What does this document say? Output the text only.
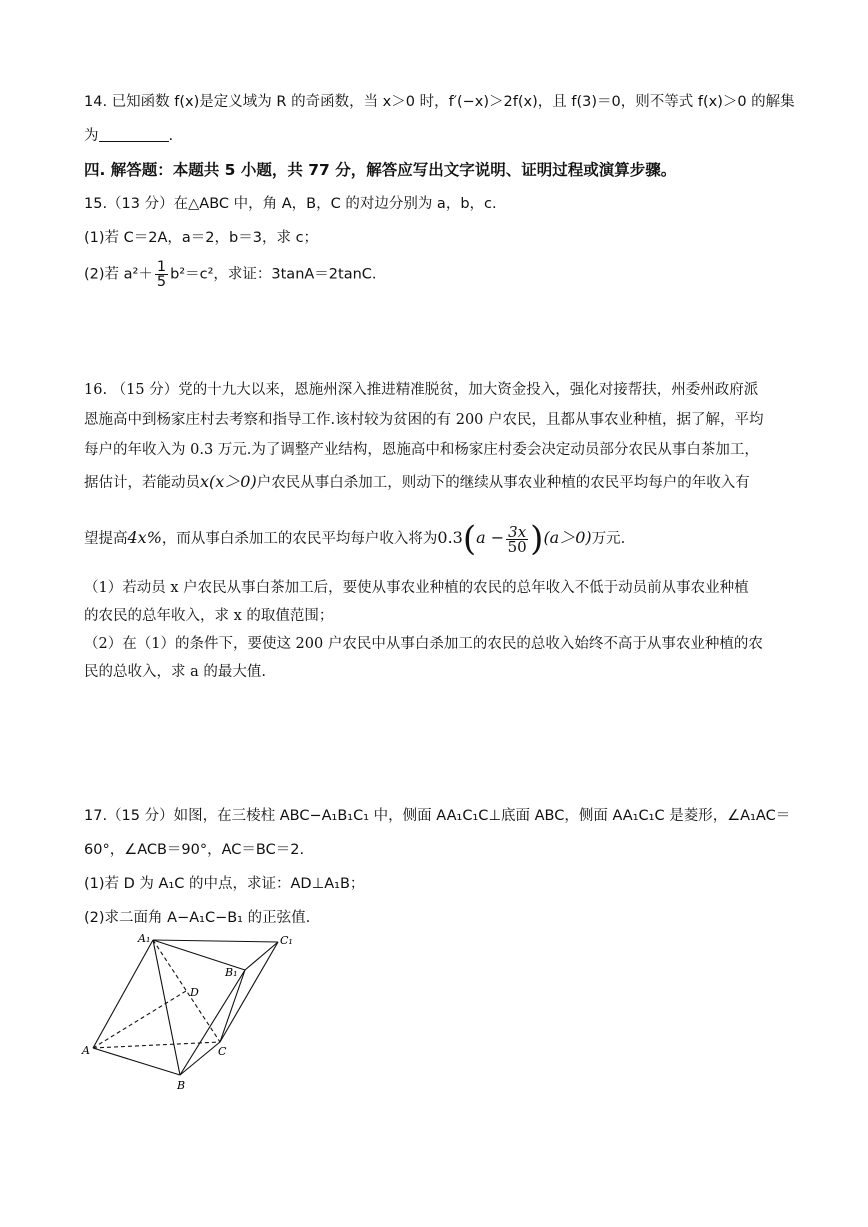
14. 已知函数 f(x)是定义域为 R 的奇函数，当 x＞0 时，f′(−x)＞2f(x)，且 f(3)＝0，则不等式 f(x)＞0 的解集
为	.
四. 解答题：本题共 5 小题，共 77 分，解答应写出文字说明、证明过程或演算步骤。
15.（13 分）在△ABC 中，角 A，B，C 的对边分别为 a，b，c.
(1)若 C＝2A，a＝2，b＝3，求 c；
(2)若 $a^2+ \frac{1}{5} b^2=c^2$，求证：3tanA＝2tanC.
16. （15 分）党的十九大以来，恩施州深入推进精准脱贫，加大资金投入，强化对接帮扶，州委州政府派
恩施高中到杨家庄村去考察和指导工作.该村较为贫困的有 200 户农民，且都从事农业种植，据了解，平均
每户的年收入为 0.3 万元.为了调整产业结构，恩施高中和杨家庄村委会决定动员部分农民从事白茶加工，
据估计，若能动员x(x＞0)户农民从事白杀加工，则动下的继续从事农业种植的农民平均每户的年收入有
望提高4x%，而从事白杀加工的农民平均每户收入将为$0.3(a - \frac{3x}{50} )(a>0)$万元.
（1）若动员 x 户农民从事白茶加工后，要使从事农业种植的农民的总年收入不低于动员前从事农业种植
的农民的总年收入，求 x 的取值范围；
（2）在（1）的条件下，要使这 200 户农民中从事白杀加工的农民的总收入始终不高于从事农业种植的农
民的总收入，求 a 的最大值.
17.（15 分）如图，在三棱柱 ABC−A₁B₁C₁ 中，侧面 AA₁C₁C⊥底面 ABC，侧面 AA₁C₁C 是菱形，∠A₁AC＝
60°，∠ACB＝90°，AC＝BC＝2.
(1)若 D 为 A₁C 的中点，求证：AD⊥A₁B；
(2)求二面角 A−A₁C−B₁ 的正弦值.
A₁	C₁
B₁
D
A	C
B
